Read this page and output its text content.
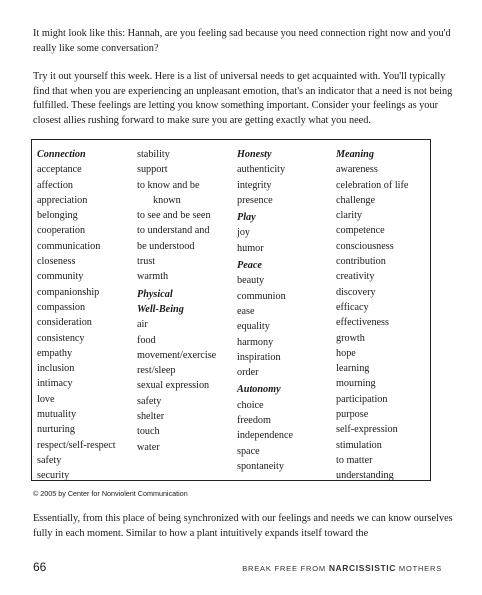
It might look like this: Hannah, are you feeling sad because you need connection right now and you'd really like some conversation?

Try it out yourself this week. Here is a list of universal needs to get acquainted with. You'll typically find that when you are experiencing an unpleasant emotion, that's an indicator that a need is not being fulfilled. These feelings are letting you know something important. Consider your feelings as your closest allies rushing forward to make sure you are getting exactly what you need.

Connection
acceptance
affection
appreciation
belonging
cooperation
communication
closeness
community
companionship
compassion
consideration
consistency
empathy
inclusion
intimacy
love
mutuality
nurturing
respect/self-respect
safety
security
stability
support
to know and be
known
to see and be seen
to understand and
be understood
trust
warmth
Physical
Well-Being
air
food
movement/exercise
rest/sleep
sexual expression
safety
shelter
touch
water
Honesty
authenticity
integrity
presence
Play
joy
humor
Peace
beauty
communion
ease
equality
harmony
inspiration
order
Autonomy
choice
freedom
independence
space
spontaneity
Meaning
awareness
celebration of life
challenge
clarity
competence
consciousness
contribution
creativity
discovery
efficacy
effectiveness
growth
hope
learning
mourning
participation
purpose
self-expression
stimulation
to matter
understanding
© 2005 by Center for Nonviolent Communication

Essentially, from this place of being synchronized with our feelings and needs we can know ourselves fully in each moment. Similar to how a plant intuitively expands itself toward the

66	BREAK FREE FROM NARCISSISTIC MOTHERS
